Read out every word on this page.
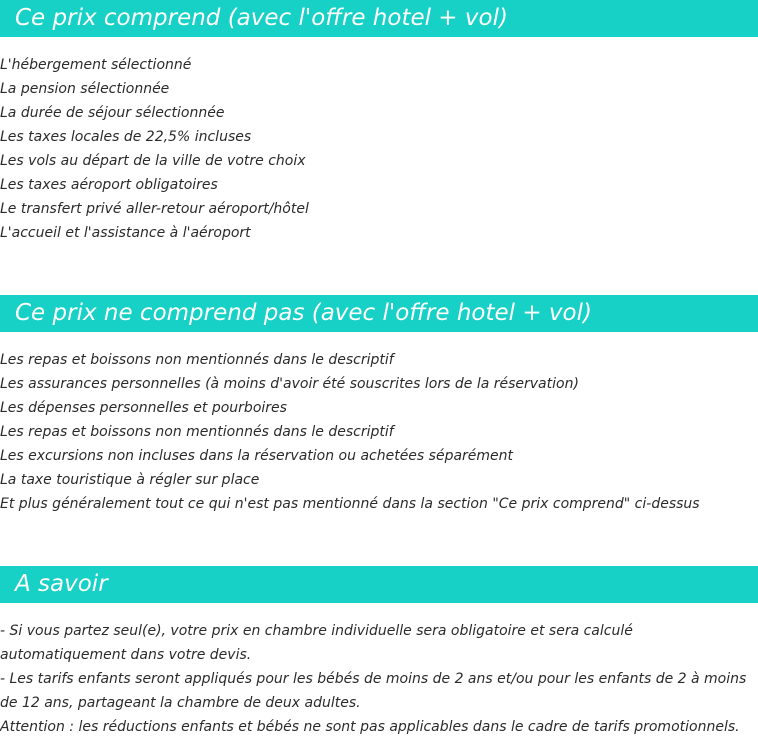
Ce prix comprend (avec l'offre hotel + vol)
L'hébergement sélectionné
La pension sélectionnée
La durée de séjour sélectionnée
Les taxes locales de 22,5% incluses
Les vols au départ de la ville de votre choix
Les taxes aéroport obligatoires
Le transfert privé aller-retour aéroport/hôtel
L'accueil et l'assistance à l'aéroport
Ce prix ne comprend pas (avec l'offre hotel + vol)
Les repas et boissons non mentionnés dans le descriptif
Les assurances personnelles (à moins d'avoir été souscrites lors de la réservation)
Les dépenses personnelles et pourboires
Les repas et boissons non mentionnés dans le descriptif
Les excursions non incluses dans la réservation ou achetées séparément
La taxe touristique à régler sur place
Et plus généralement tout ce qui n'est pas mentionné dans la section "Ce prix comprend" ci-dessus
A savoir
- Si vous partez seul(e), votre prix en chambre individuelle sera obligatoire et sera calculé automatiquement dans votre devis.
- Les tarifs enfants seront appliqués pour les bébés de moins de 2 ans et/ou pour les enfants de 2 à moins de 12 ans, partageant la chambre de deux adultes.
Attention : les réductions enfants et bébés ne sont pas applicables dans le cadre de tarifs promotionnels.
